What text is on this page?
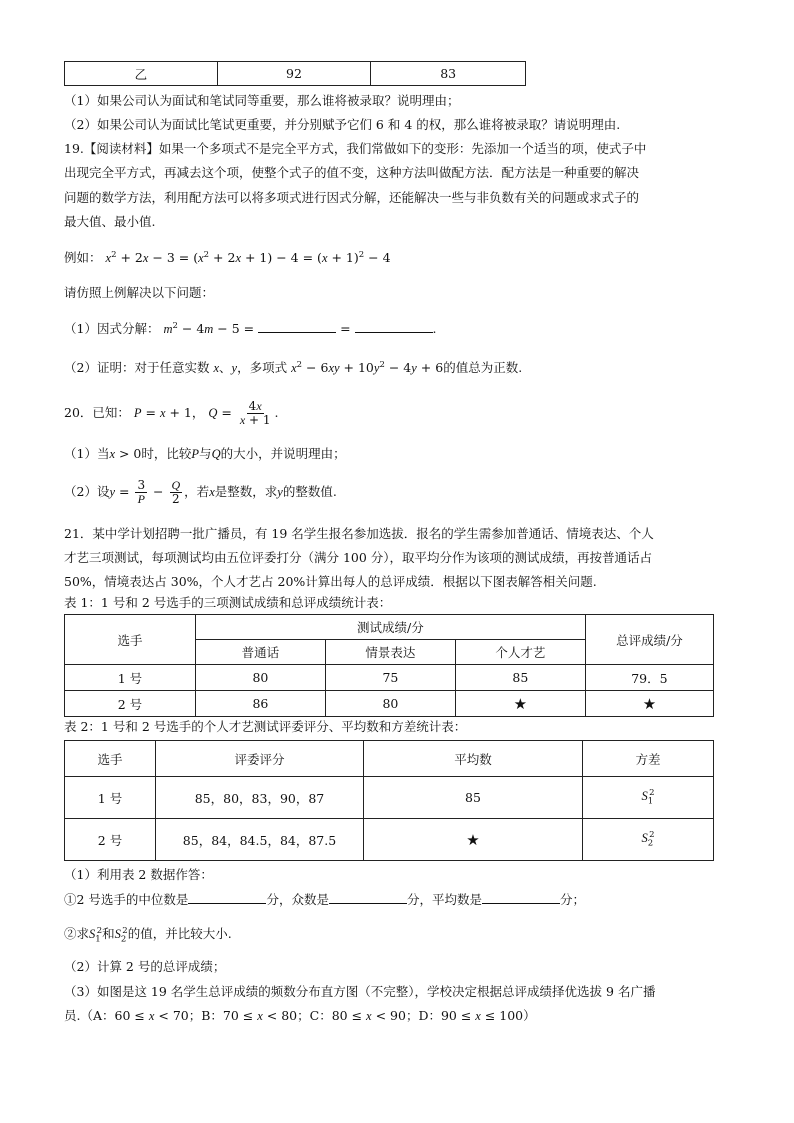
乙	92	83
（1）如果公司认为面试和笔试同等重要，那么谁将被录取？说明理由；
（2）如果公司认为面试比笔试更重要，并分别赋予它们 6 和 4 的权，那么谁将被录取？请说明理由.
19.【阅读材料】如果一个多项式不是完全平方式，我们常做如下的变形：先添加一个适当的项，使式子中
出现完全平方式，再减去这个项，使整个式子的值不变，这种方法叫做配方法．配方法是一种重要的解决
问题的数学方法，利用配方法可以将多项式进行因式分解，还能解决一些与非负数有关的问题或求式子的
最大值、最小值.
例如： $x^2 + 2x - 3 = (x^2 + 2x + 1) - 4 = (x + 1)^2 - 4$
请仿照上例解决以下问题：
（1）因式分解： $m^2 - 4m - 5$ =	=	.
（2）证明：对于任意实数 x、y，多项式 $x^2 - 6xy + 10y^2 - 4y + 6$的值总为正数.
20．已知： P = x + 1， $Q = \frac{4x}{x + 1}$ .
（1）当x > 0时，比较P与Q的大小，并说明理由；
（2）设$y = \frac{3}{P} - \frac{Q}{2}$ ，若x是整数，求y的整数值.
21．某中学计划招聘一批广播员，有 19 名学生报名参加选拔．报名的学生需参加普通话、情境表达、个人
才艺三项测试，每项测试均由五位评委打分（满分 100 分），取平均分作为该项的测试成绩，再按普通话占
50%，情境表达占 30%，个人才艺占 20%计算出每人的总评成绩．根据以下图表解答相关问题.
表 1：1 号和 2 号选手的三项测试成绩和总评成绩统计表：
选手	测试成绩/分			总评成绩/分
	普通话	情景表达	个人才艺	
1 号	80	75	85	79．5
2 号	86	80	★	★
表 2：1 号和 2 号选手的个人才艺测试评委评分、平均数和方差统计表：
选手	评委评分	平均数	方差
1 号	85，80，83，90，87	85	$S_1^2$
2 号	85，84，84.5，84，87.5	★	$S_2^2$
（1）利用表 2 数据作答：
①2 号选手的中位数是	分，众数是	分，平均数是	分；
②求$S_1^2$和$S_2^2$的值，并比较大小.
（2）计算 2 号的总评成绩；
（3）如图是这 19 名学生总评成绩的频数分布直方图（不完整），学校决定根据总评成绩择优选拔 9 名广播
员.（A：60 ≤ x < 70；B：70 ≤ x < 80；C：80 ≤ x < 90；D：90 ≤ x ≤ 100）
